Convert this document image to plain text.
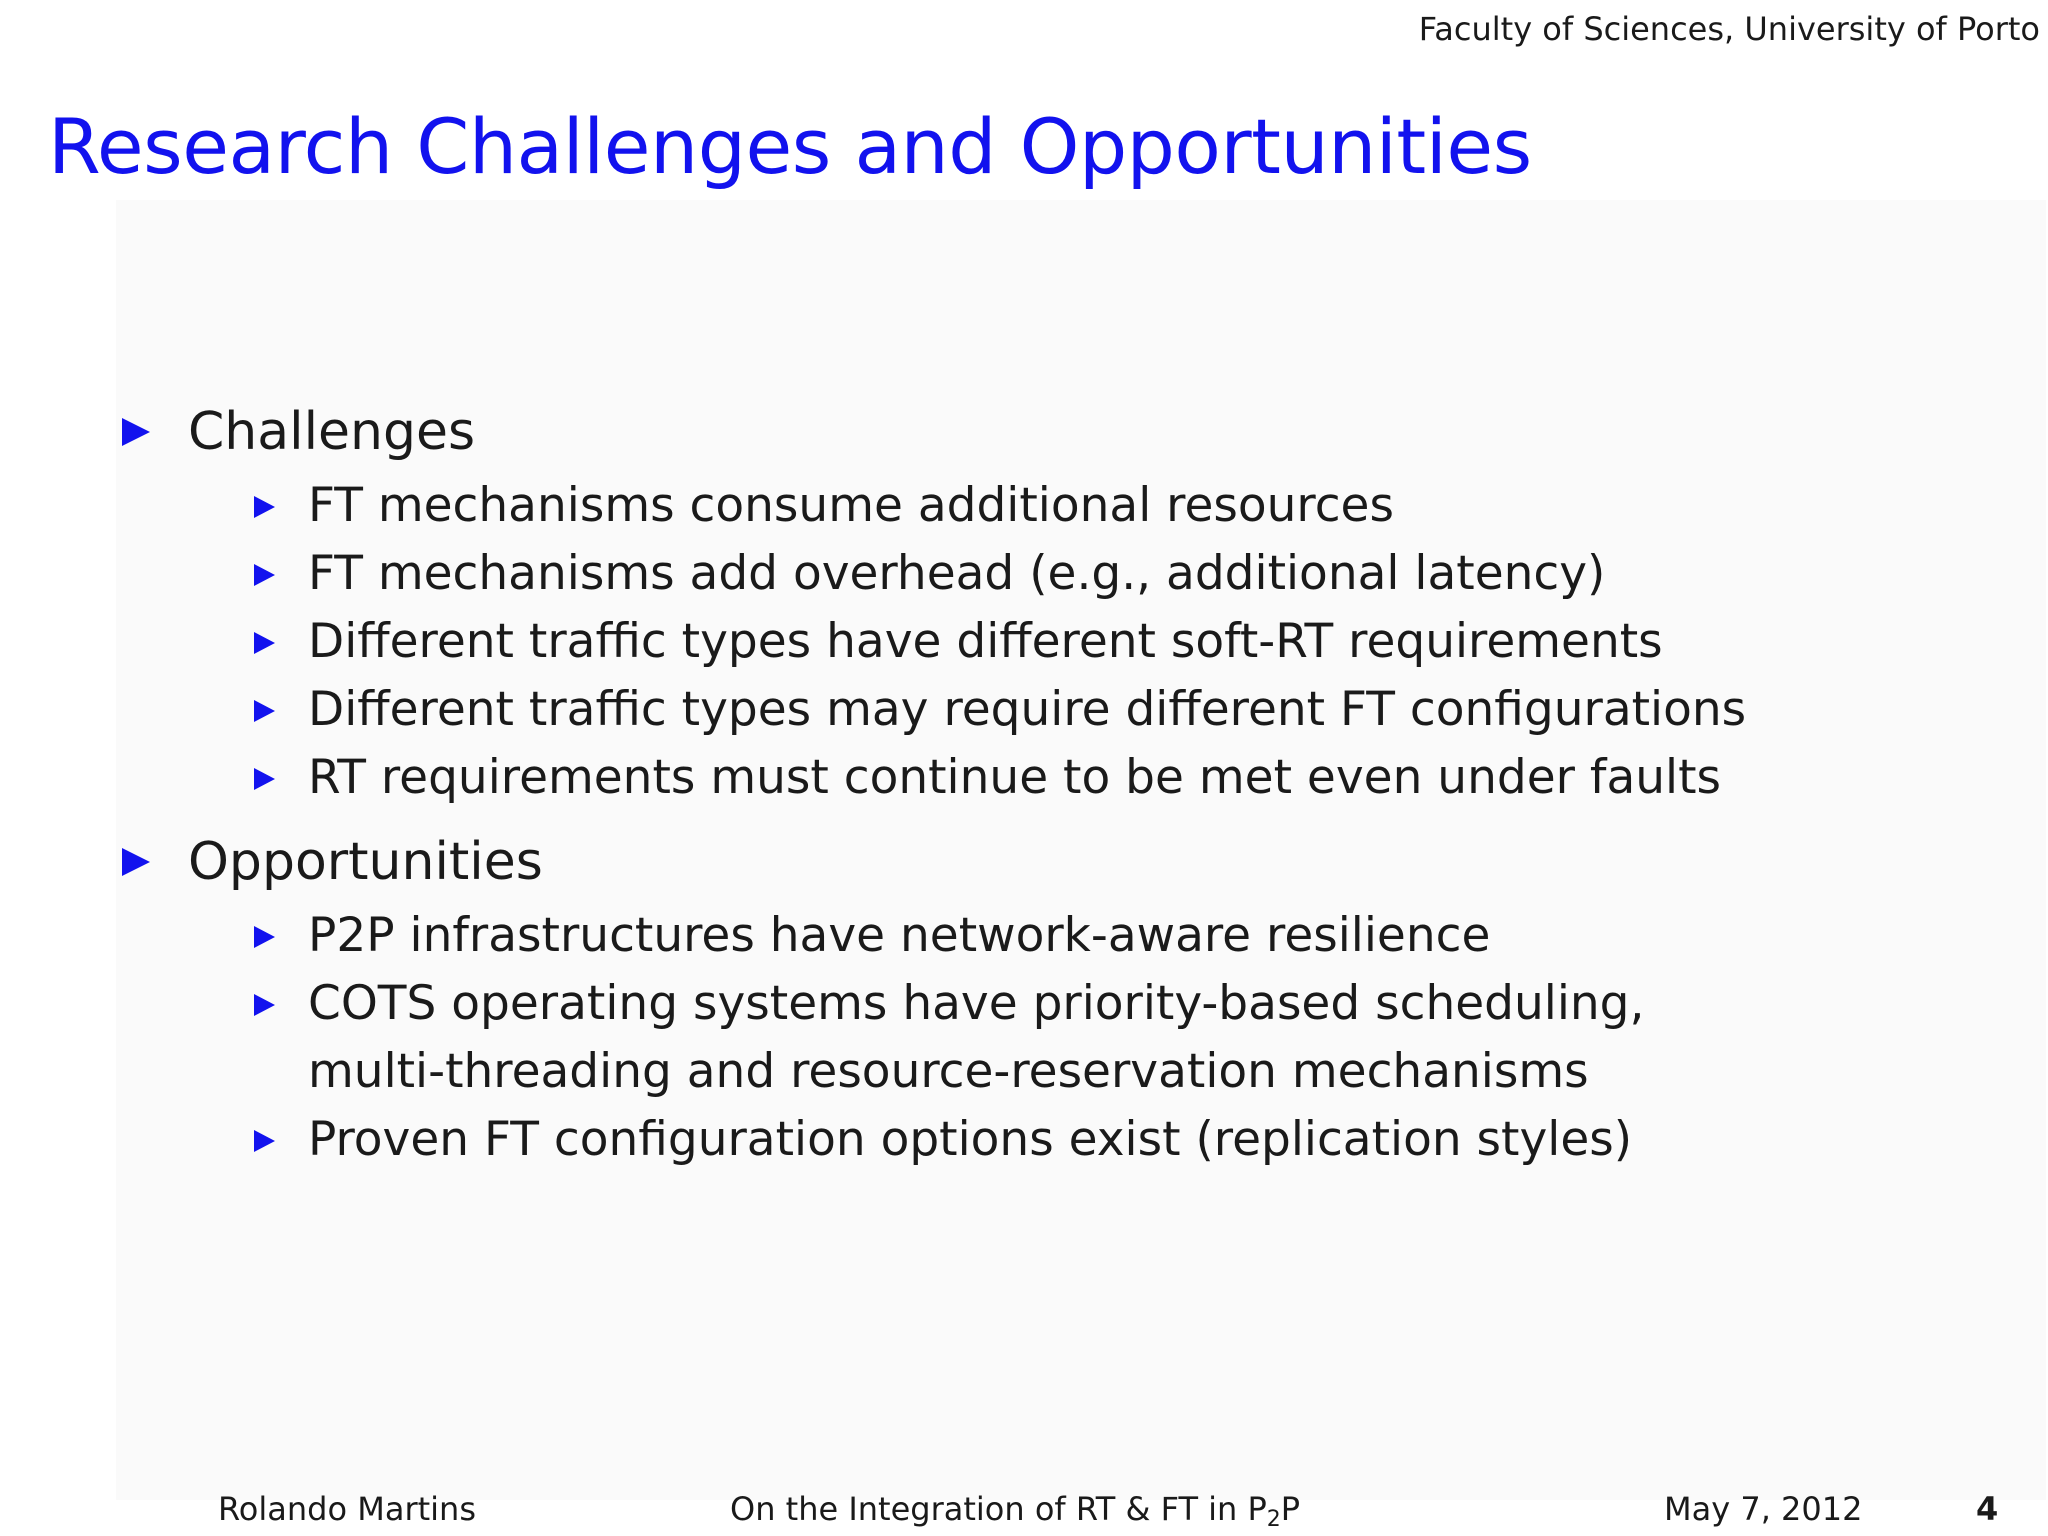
Faculty of Sciences, University of Porto
Research Challenges and Opportunities
Challenges
FT mechanisms consume additional resources
FT mechanisms add overhead (e.g., additional latency)
Different traffic types have different soft-RT requirements
Different traffic types may require different FT configurations
RT requirements must continue to be met even under faults
Opportunities
P2P infrastructures have network-aware resilience
COTS operating systems have priority-based scheduling,
multi-threading and resource-reservation mechanisms
Proven FT configuration options exist (replication styles)
Rolando Martins	On the Integration of RT & FT in $P_2P$	May 7, 2012	4
